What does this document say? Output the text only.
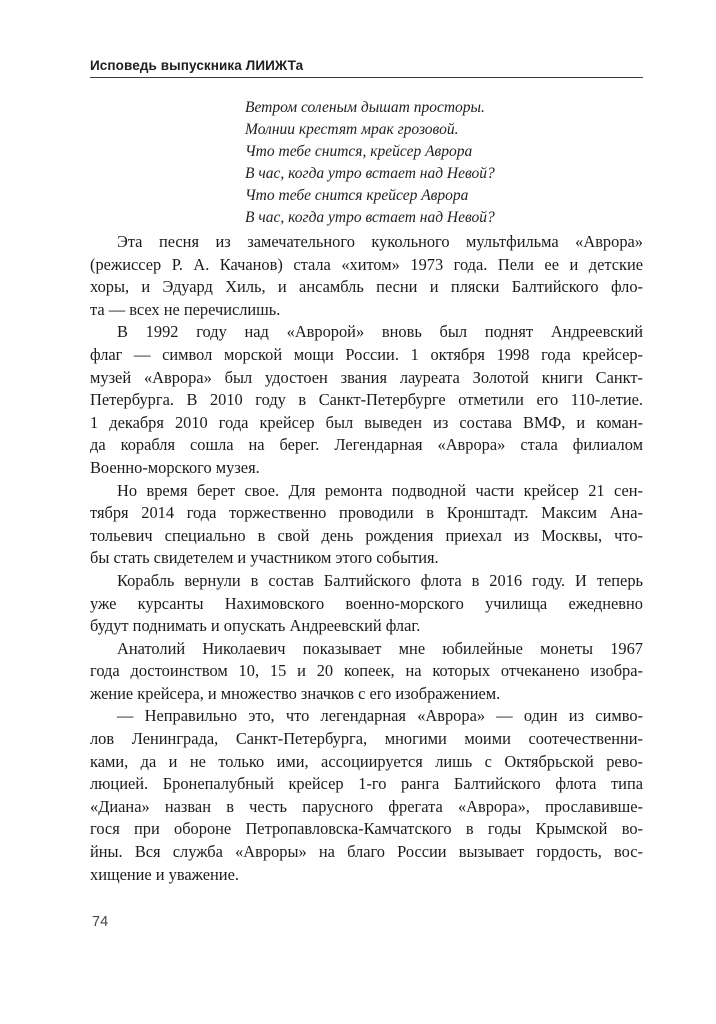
Исповедь выпускника ЛИИЖТа
Ветром соленым дышат просторы.
Молнии крестят мрак грозовой.
Что тебе снится, крейсер Аврора
В час, когда утро встает над Невой?
Что тебе снится крейсер Аврора
В час, когда утро встает над Невой?
Эта песня из замечательного кукольного мультфильма «Аврора»
(режиссер Р. А. Качанов) стала «хитом» 1973 года. Пели ее и детские
хоры, и Эдуард Хиль, и ансамбль песни и пляски Балтийского фло-
та — всех не перечислишь.
В 1992 году над «Авророй» вновь был поднят Андреевский
флаг — символ морской мощи России. 1 октября 1998 года крейсер-
музей «Аврора» был удостоен звания лауреата Золотой книги Санкт-
Петербурга. В 2010 году в Санкт-Петербурге отметили его 110-летие.
1 декабря 2010 года крейсер был выведен из состава ВМФ, и коман-
да корабля сошла на берег. Легендарная «Аврора» стала филиалом
Военно-морского музея.
Но время берет свое. Для ремонта подводной части крейсер 21 сен-
тября 2014 года торжественно проводили в Кронштадт. Максим Ана-
тольевич специально в свой день рождения приехал из Москвы, что-
бы стать свидетелем и участником этого события.
Корабль вернули в состав Балтийского флота в 2016 году. И теперь
уже курсанты Нахимовского военно-морского училища ежедневно
будут поднимать и опускать Андреевский флаг.
Анатолий Николаевич показывает мне юбилейные монеты 1967
года достоинством 10, 15 и 20 копеек, на которых отчеканено изобра-
жение крейсера, и множество значков с его изображением.
— Неправильно это, что легендарная «Аврора» — один из симво-
лов Ленинграда, Санкт-Петербурга, многими моими соотечественни-
ками, да и не только ими, ассоциируется лишь с Октябрьской рево-
люцией. Бронепалубный крейсер 1-го ранга Балтийского флота типа
«Диана» назван в честь парусного фрегата «Аврора», прославивше-
гося при обороне Петропавловска-Камчатского в годы Крымской во-
йны. Вся служба «Авроры» на благо России вызывает гордость, вос-
хищение и уважение.
74
